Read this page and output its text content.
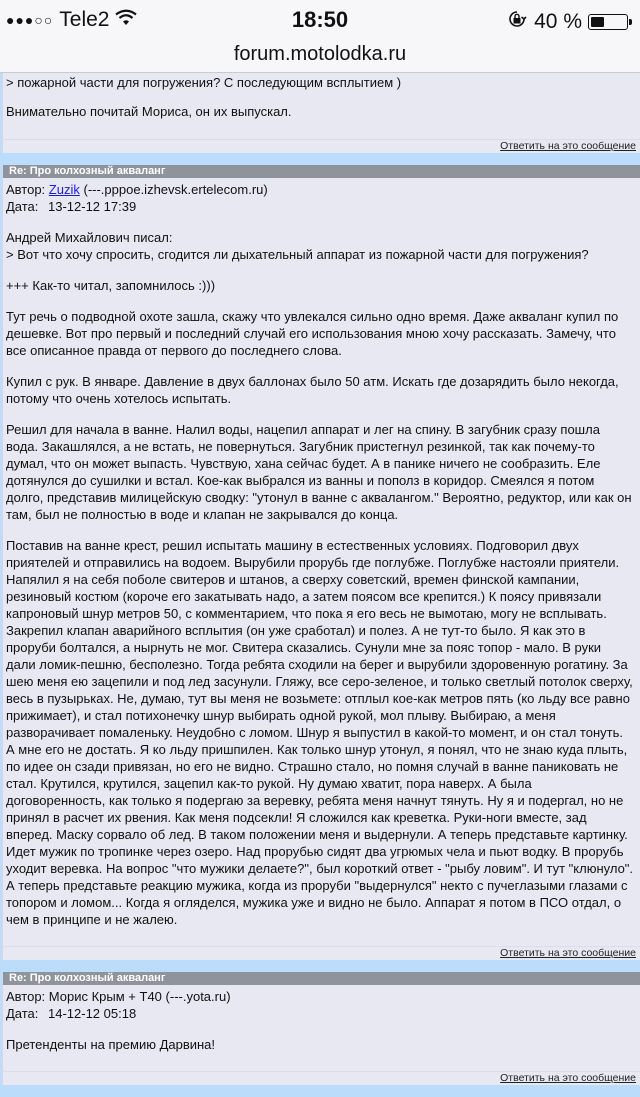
●●●○○ Tele2	18:50	40 %
forum.motolodka.ru

> пожарной части для погружения? С последующим всплытием )

Внимательно почитай Мориса, он их выпускал.

Ответить на это сообщение
Re: Про колхозный акваланг
Автор: Zuzik (---.pppoe.izhevsk.ertelecom.ru)
Дата: 13-12-12 17:39
Андрей Михайлович писал:
> Вот что хочу спросить, сгодится ли дыхательный аппарат из пожарной части для погружения?

+++ Как-то читал, запомнилось :)))

Тут речь о подводной охоте зашла, скажу что увлекался сильно одно время. Даже акваланг купил по дешевке. Вот про первый и последний случай его использования мною хочу рассказать. Замечу, что все описанное правда от первого до последнего слова.

Купил с рук. В январе. Давление в двух баллонах было 50 атм. Искать где дозарядить было некогда, потому что очень хотелось испытать.

Решил для начала в ванне. Налил воды, нацепил аппарат и лег на спину. В загубник сразу пошла вода. Закашлялся, а не встать, не повернуться. Загубник пристегнул резинкой, так как почему-то думал, что он может выпасть. Чувствую, хана сейчас будет. А в панике ничего не сообразить. Еле дотянулся до сушилки и встал. Кое-как выбрался из ванны и пополз в коридор. Смеялся я потом долго, представив милицейскую сводку: "утонул в ванне с аквалангом." Вероятно, редуктор, или как он там, был не полностью в воде и клапан не закрывался до конца.

Поставив на ванне крест, решил испытать машину в естественных условиях. Подговорил двух приятелей и отправились на водоем. Вырубили прорубь где поглубже. Поглубже настояли приятели. Напялил я на себя поболе свитеров и штанов, а сверху советский, времен финской кампании, резиновый костюм (короче его закатывать надо, а затем поясом все крепится.) К поясу привязали капроновый шнур метров 50, с комментарием, что пока я его весь не вымотаю, могу не всплывать. Закрепил клапан аварийного всплытия (он уже сработал) и полез. А не тут-то было. Я как это в проруби болтался, а нырнуть не мог. Свитера сказались. Сунули мне за пояс топор - мало. В руки дали ломик-пешню, бесполезно. Тогда ребята сходили на берег и вырубили здоровенную рогатину. За шею меня ею зацепили и под лед засунули. Гляжу, все серо-зеленое, и только светлый потолок сверху, весь в пузырьках. Не, думаю, тут вы меня не возьмете: отплыл кое-как метров пять (ко льду все равно прижимает), и стал потихонечку шнур выбирать одной рукой, мол плыву. Выбираю, а меня разворачивает помаленьку. Неудобно с ломом. Шнур я выпустил в какой-то момент, и он стал тонуть. А мне его не достать. Я ко льду пришпилен. Как только шнур утонул, я понял, что не знаю куда плыть, по идее он сзади привязан, но его не видно. Страшно стало, но помня случай в ванне паниковать не стал. Крутился, крутился, зацепил как-то рукой. Ну думаю хватит, пора наверх. А была договоренность, как только я подергаю за веревку, ребята меня начнут тянуть. Ну я и подергал, но не принял в расчет их рвения. Как меня подсекли! Я сложился как креветка. Руки-ноги вместе, зад вперед. Маску сорвало об лед. В таком положении меня и выдернули. А теперь представьте картинку. Идет мужик по тропинке через озеро. Над прорубью сидят два угрюмых чела и пьют водку. В прорубь уходит веревка. На вопрос "что мужики делаете?", был короткий ответ - "рыбу ловим". И тут "клюнуло". А теперь представьте реакцию мужика, когда из проруби "выдернулся" некто с пучеглазыми глазами с топором и ломом... Когда я огляделся, мужика уже и видно не было. Аппарат я потом в ПСО отдал, о чем в принципе и не жалею.

Ответить на это сообщение
Re: Про колхозный акваланг
Автор: Морис Крым + Т40 (---.yota.ru)
Дата: 14-12-12 05:18

Претенденты на премию Дарвина!

Ответить на это сообщение
